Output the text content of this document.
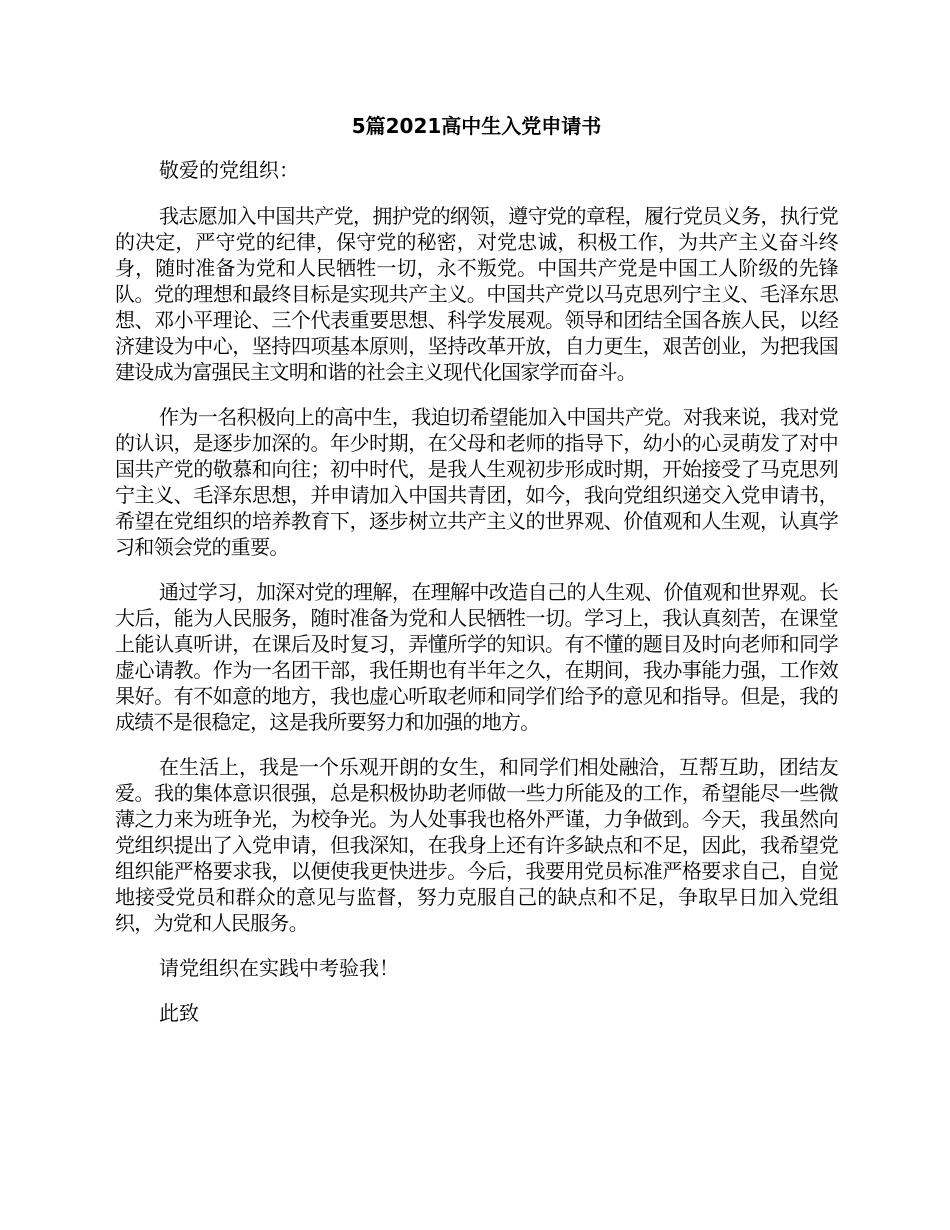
5篇2021高中生入党申请书

敬爱的党组织：

我志愿加入中国共产党，拥护党的纲领，遵守党的章程，履行党员义务，执行党的决定，严守党的纪律，保守党的秘密，对党忠诚，积极工作，为共产主义奋斗终身，随时准备为党和人民牺牲一切，永不叛党。中国共产党是中国工人阶级的先锋队。党的理想和最终目标是实现共产主义。中国共产党以马克思列宁主义、毛泽东思想、邓小平理论、三个代表重要思想、科学发展观。领导和团结全国各族人民，以经济建设为中心，坚持四项基本原则，坚持改革开放，自力更生，艰苦创业，为把我国建设成为富强民主文明和谐的社会主义现代化国家学而奋斗。

作为一名积极向上的高中生，我迫切希望能加入中国共产党。对我来说，我对党的认识，是逐步加深的。年少时期，在父母和老师的指导下，幼小的心灵萌发了对中国共产党的敬慕和向往；初中时代，是我人生观初步形成时期，开始接受了马克思列宁主义、毛泽东思想，并申请加入中国共青团，如今，我向党组织递交入党申请书，希望在党组织的培养教育下，逐步树立共产主义的世界观、价值观和人生观，认真学习和领会党的重要。

通过学习，加深对党的理解，在理解中改造自己的人生观、价值观和世界观。长大后，能为人民服务，随时准备为党和人民牺牲一切。学习上，我认真刻苦，在课堂上能认真听讲，在课后及时复习，弄懂所学的知识。有不懂的题目及时向老师和同学虚心请教。作为一名团干部，我任期也有半年之久，在期间，我办事能力强，工作效果好。有不如意的地方，我也虚心听取老师和同学们给予的意见和指导。但是，我的成绩不是很稳定，这是我所要努力和加强的地方。

在生活上，我是一个乐观开朗的女生，和同学们相处融洽，互帮互助，团结友爱。我的集体意识很强，总是积极协助老师做一些力所能及的工作，希望能尽一些微薄之力来为班争光，为校争光。为人处事我也格外严谨，力争做到。今天，我虽然向党组织提出了入党申请，但我深知，在我身上还有许多缺点和不足，因此，我希望党组织能严格要求我，以便使我更快进步。今后，我要用党员标准严格要求自己，自觉地接受党员和群众的意见与监督，努力克服自己的缺点和不足，争取早日加入党组织，为党和人民服务。

请党组织在实践中考验我！

此致
